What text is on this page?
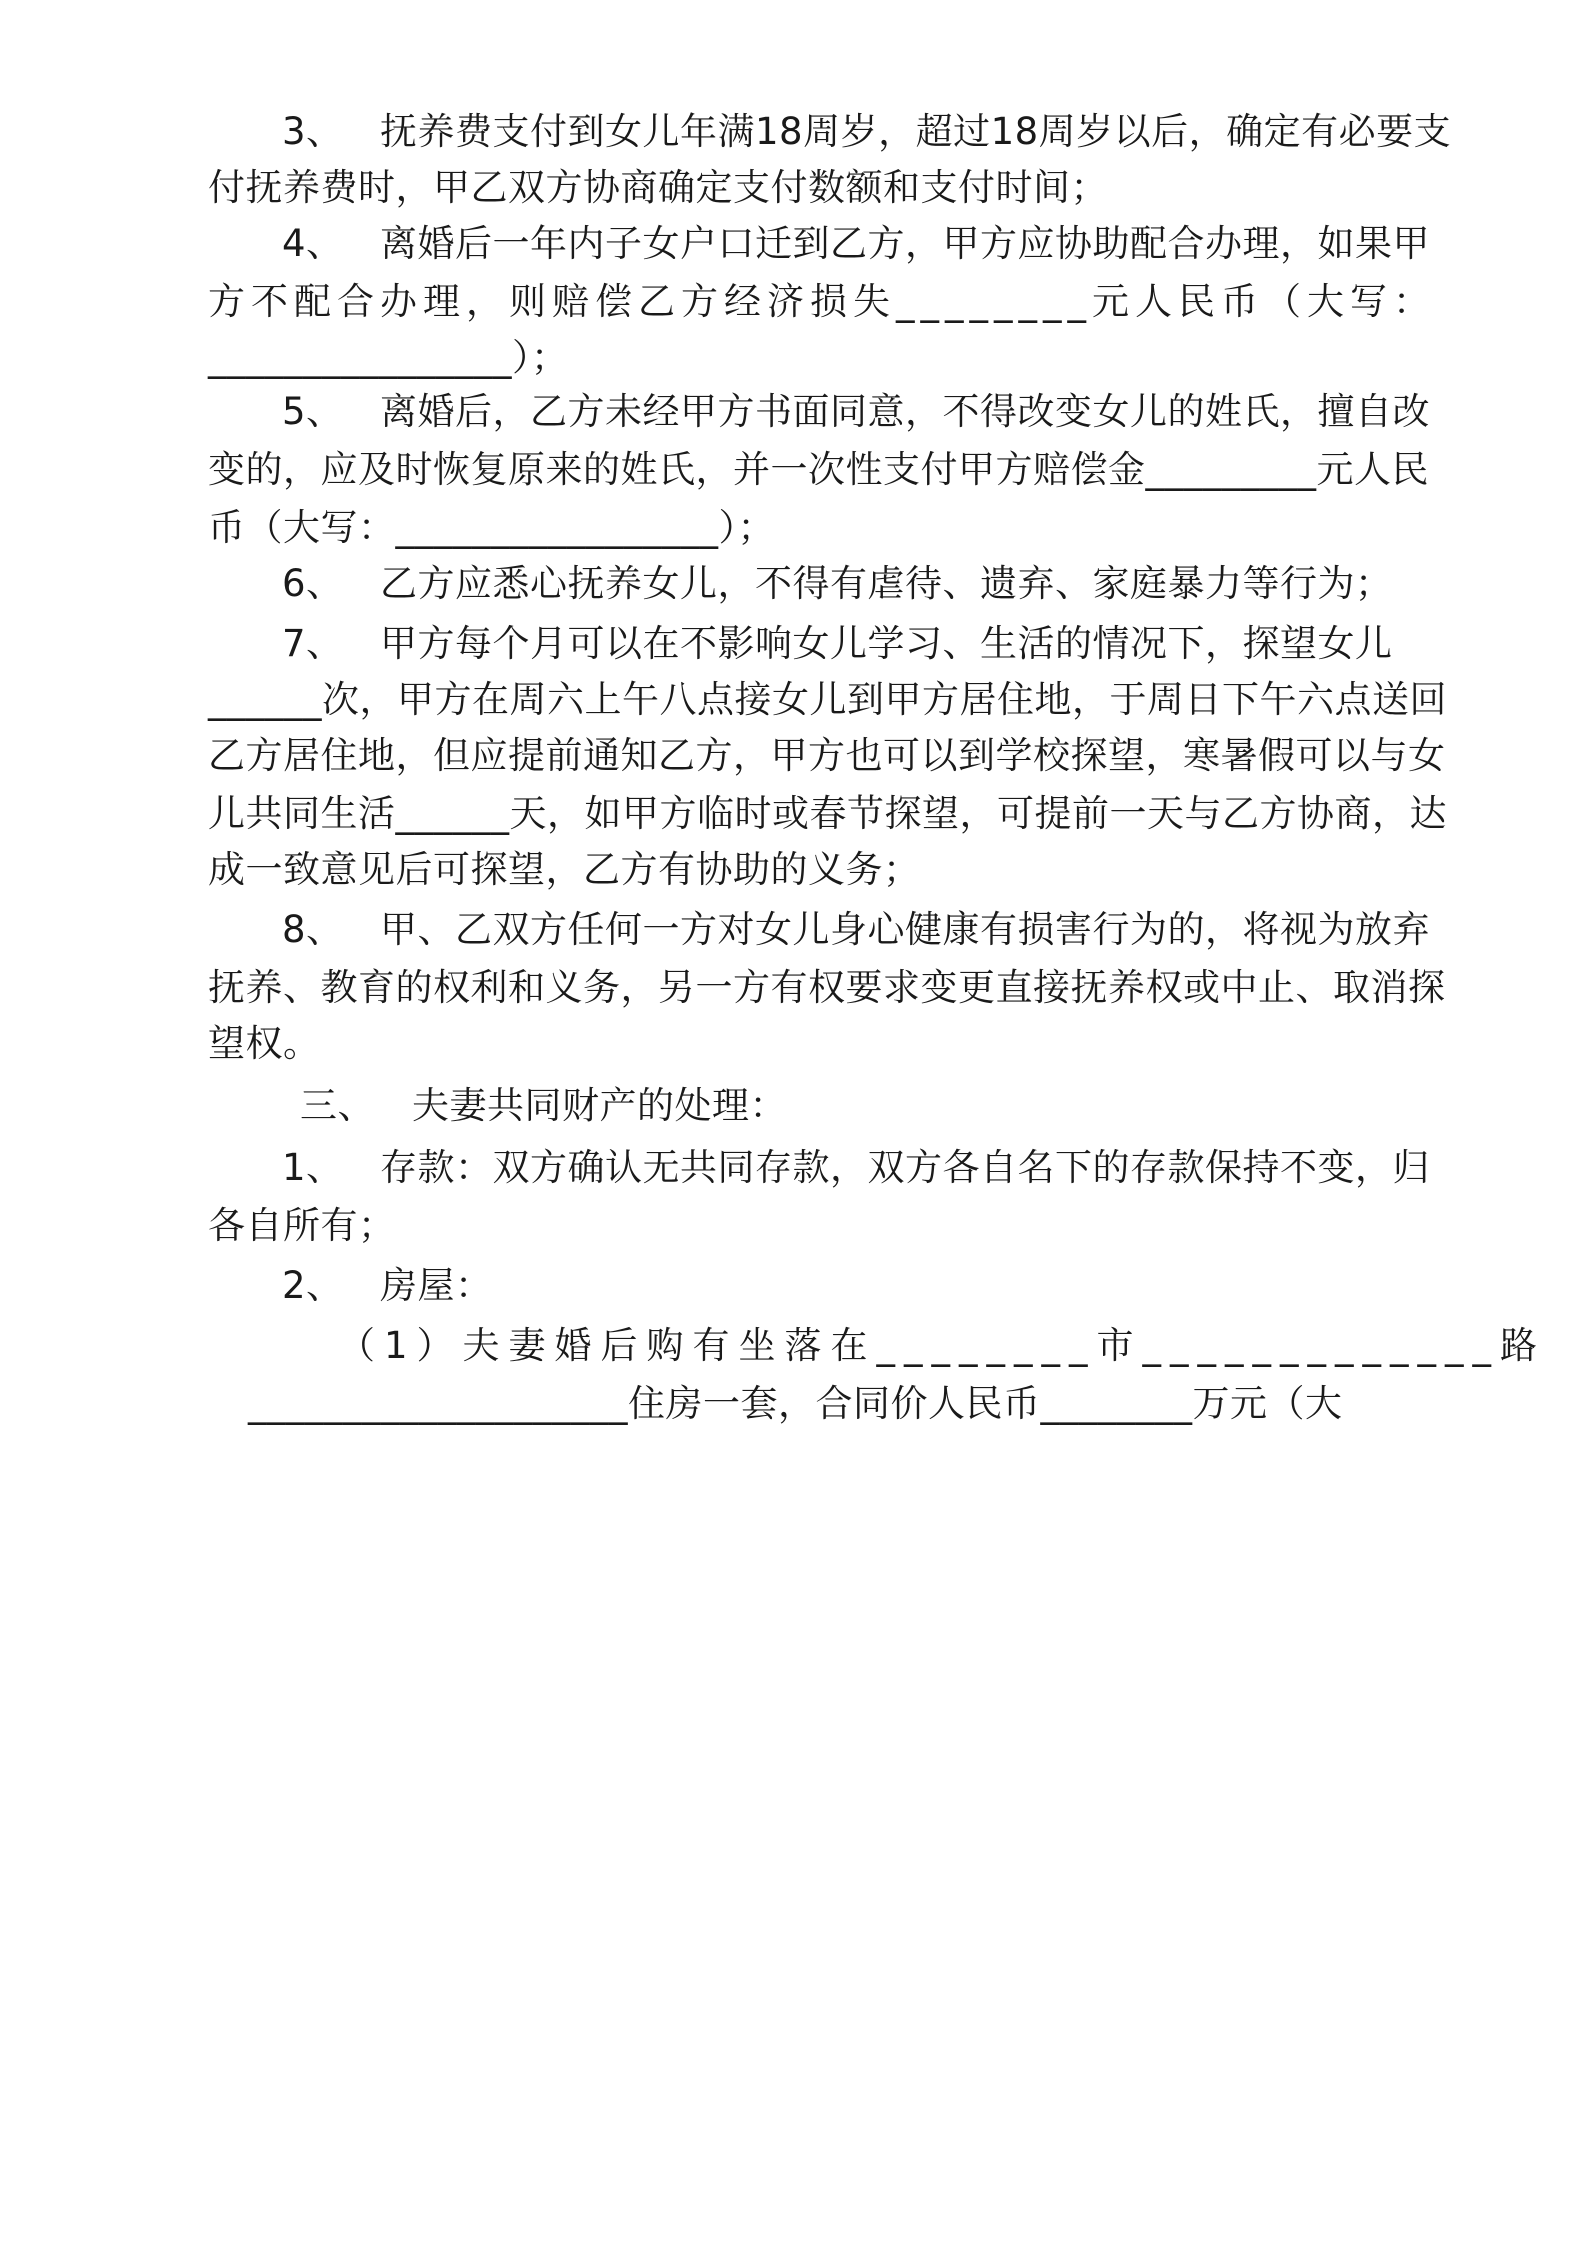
3、 抚养费支付到女儿年满18周岁，超过18周岁以后，确定有必要支
付抚养费时，甲乙双方协商确定支付数额和支付时间；
4、 离婚后一年内子女户口迁到乙方，甲方应协助配合办理，如果甲
方不配合办理，则赔偿乙方经济损失________元人民币（大写：
________________）；
5、 离婚后，乙方未经甲方书面同意，不得改变女儿的姓氏，擅自改
变的，应及时恢复原来的姓氏，并一次性支付甲方赔偿金_________元人民
币（大写：_________________）；
6、 乙方应悉心抚养女儿，不得有虐待、遗弃、家庭暴力等行为；
7、 甲方每个月可以在不影响女儿学习、生活的情况下，探望女儿
______次，甲方在周六上午八点接女儿到甲方居住地，于周日下午六点送回
乙方居住地，但应提前通知乙方，甲方也可以到学校探望，寒暑假可以与女
儿共同生活______天，如甲方临时或春节探望，可提前一天与乙方协商，达
成一致意见后可探望，乙方有协助的义务；
8、 甲、乙双方任何一方对女儿身心健康有损害行为的，将视为放弃
抚养、教育的权利和义务，另一方有权要求变更直接抚养权或中止、取消探
望权。
三、 夫妻共同财产的处理：
1、 存款：双方确认无共同存款，双方各自名下的存款保持不变，归
各自所有；
2、 房屋：
（1）夫妻婚后购有坐落在________市_____________路
____________________住房一套，合同价人民币________万元（大
